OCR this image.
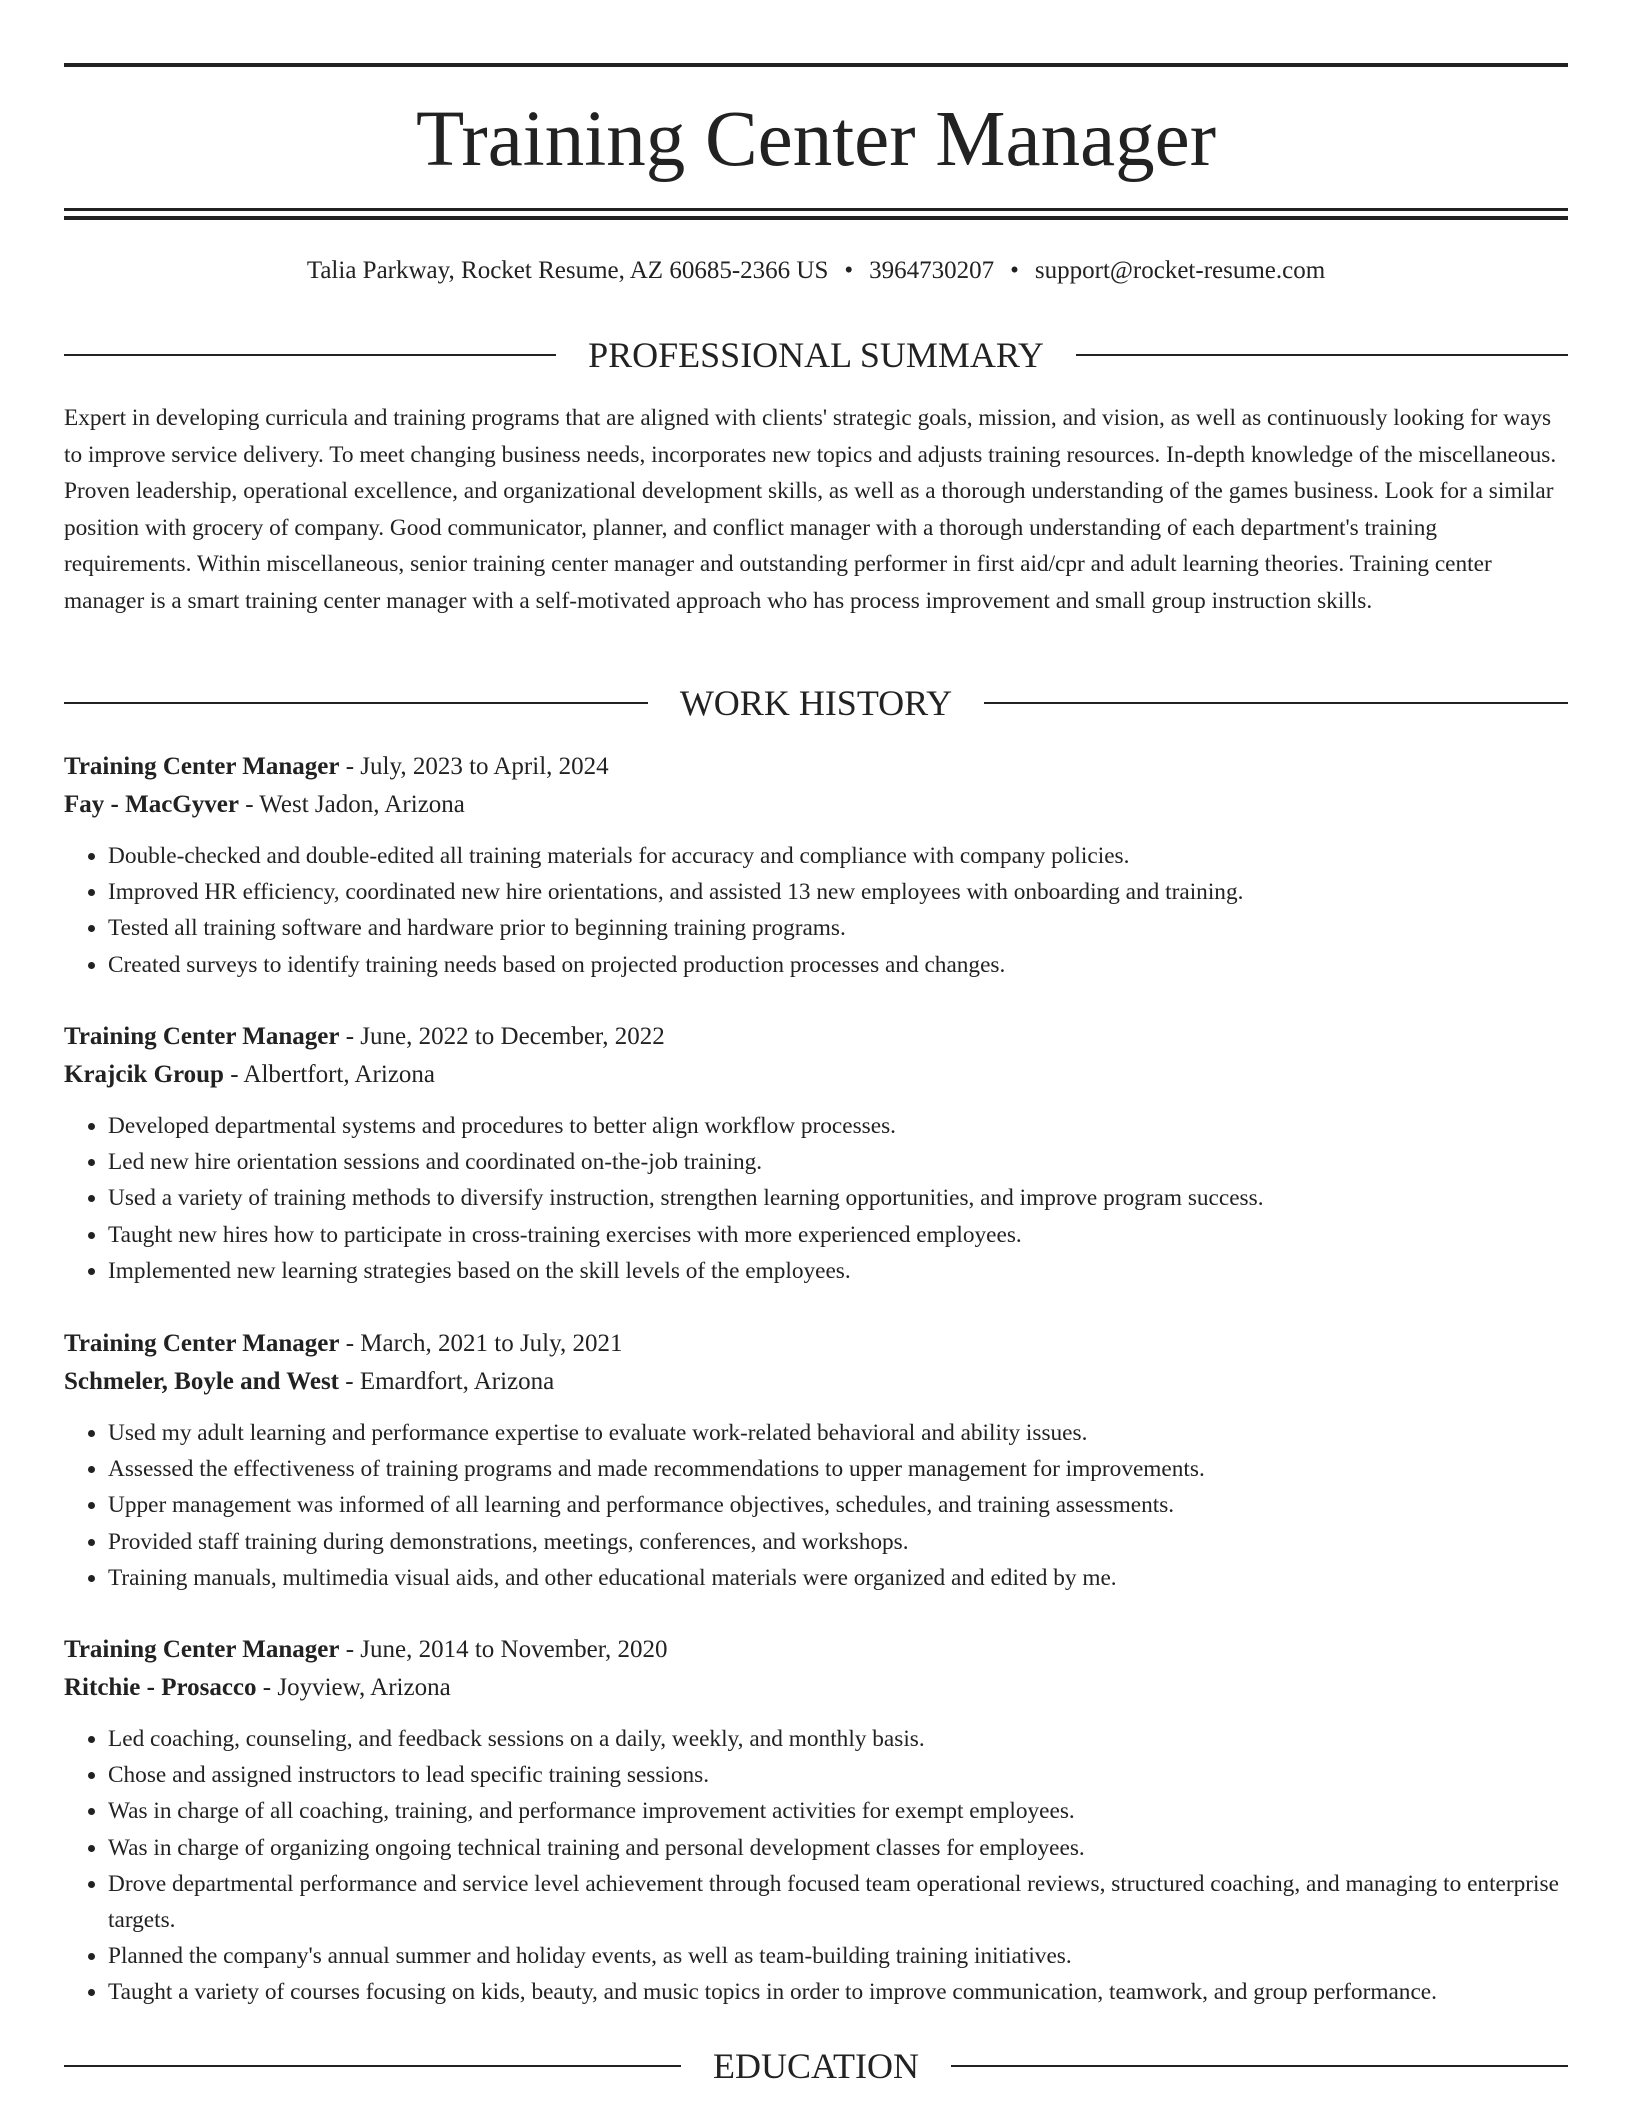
Training Center Manager
Talia Parkway, Rocket Resume, AZ 60685-2366 US • 3964730207 • support@rocket-resume.com
PROFESSIONAL SUMMARY
Expert in developing curricula and training programs that are aligned with clients' strategic goals, mission, and vision, as well as continuously looking for ways to improve service delivery. To meet changing business needs, incorporates new topics and adjusts training resources. In-depth knowledge of the miscellaneous. Proven leadership, operational excellence, and organizational development skills, as well as a thorough understanding of the games business. Look for a similar position with grocery of company. Good communicator, planner, and conflict manager with a thorough understanding of each department's training requirements. Within miscellaneous, senior training center manager and outstanding performer in first aid/cpr and adult learning theories. Training center manager is a smart training center manager with a self-motivated approach who has process improvement and small group instruction skills.
WORK HISTORY
Training Center Manager - July, 2023 to April, 2024
Fay - MacGyver - West Jadon, Arizona
• Double-checked and double-edited all training materials for accuracy and compliance with company policies.
• Improved HR efficiency, coordinated new hire orientations, and assisted 13 new employees with onboarding and training.
• Tested all training software and hardware prior to beginning training programs.
• Created surveys to identify training needs based on projected production processes and changes.
Training Center Manager - June, 2022 to December, 2022
Krajcik Group - Albertfort, Arizona
• Developed departmental systems and procedures to better align workflow processes.
• Led new hire orientation sessions and coordinated on-the-job training.
• Used a variety of training methods to diversify instruction, strengthen learning opportunities, and improve program success.
• Taught new hires how to participate in cross-training exercises with more experienced employees.
• Implemented new learning strategies based on the skill levels of the employees.
Training Center Manager - March, 2021 to July, 2021
Schmeler, Boyle and West - Emardfort, Arizona
• Used my adult learning and performance expertise to evaluate work-related behavioral and ability issues.
• Assessed the effectiveness of training programs and made recommendations to upper management for improvements.
• Upper management was informed of all learning and performance objectives, schedules, and training assessments.
• Provided staff training during demonstrations, meetings, conferences, and workshops.
• Training manuals, multimedia visual aids, and other educational materials were organized and edited by me.
Training Center Manager - June, 2014 to November, 2020
Ritchie - Prosacco - Joyview, Arizona
• Led coaching, counseling, and feedback sessions on a daily, weekly, and monthly basis.
• Chose and assigned instructors to lead specific training sessions.
• Was in charge of all coaching, training, and performance improvement activities for exempt employees.
• Was in charge of organizing ongoing technical training and personal development classes for employees.
• Drove departmental performance and service level achievement through focused team operational reviews, structured coaching, and managing to enterprise targets.
• Planned the company's annual summer and holiday events, as well as team-building training initiatives.
• Taught a variety of courses focusing on kids, beauty, and music topics in order to improve communication, teamwork, and group performance.
EDUCATION
